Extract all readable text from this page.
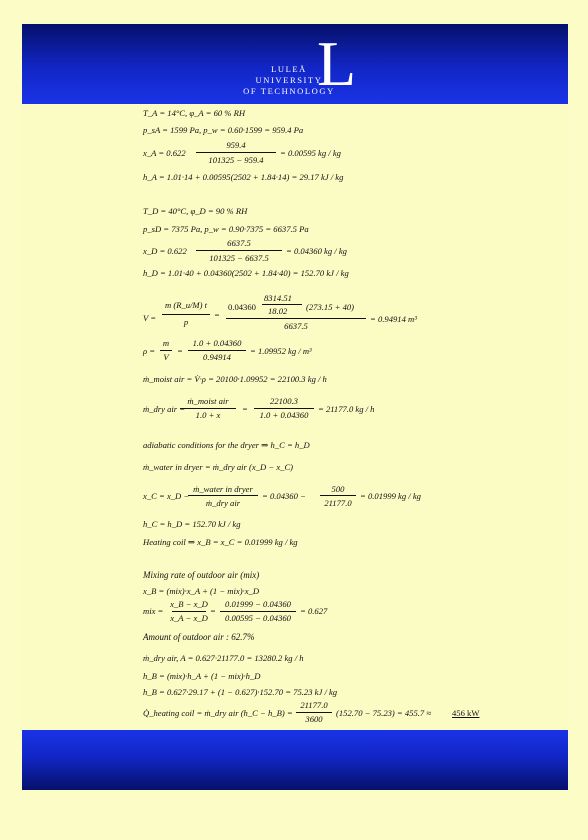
LULEÅ
UNIVERSITY
OF TECHNOLOGY
L
T_A = 14°C, φ_A = 60 % RH
p_sA = 1599 Pa, p_w = 0.60·1599 = 959.4 Pa
x_A = 0.622
959.4
101325 − 959.4
= 0.00595 kg / kg
h_A = 1.01·14 + 0.00595(2502 + 1.84·14) = 29.17 kJ / kg
T_D = 40°C, φ_D = 90 % RH
p_sD = 7375 Pa, p_w = 0.90·7375 = 6637.5 Pa
x_D = 0.622
6637.5
101325 − 6637.5
= 0.04360 kg / kg
h_D = 1.01·40 + 0.04360(2502 + 1.84·40) = 152.70 kJ / kg
V =
m (R_u/M) t
p
=
0.04360
8314.51
18.02 (273.15 + 40)
6637.5
= 0.94914 m³
ρ =
m
V
=
1.0 + 0.04360
0.94914
= 1.09952 kg / m³
ṁ_moist air = V̇·ρ = 20100·1.09952 = 22100.3 kg / h
ṁ_dry air =
ṁ_moist air
1.0 + x
=
22100.3
1.0 + 0.04360
= 21177.0 kg / h
adiabatic conditions for the dryer ⇒ h_C = h_D
ṁ_water in dryer = ṁ_dry air (x_D − x_C)
x_C = x_D −
ṁ_water in dryer
ṁ_dry air
= 0.04360 −
500
21177.0
= 0.01999 kg / kg
h_C = h_D = 152.70 kJ / kg
Heating coil ⇒ x_B = x_C = 0.01999 kg / kg
Mixing rate of outdoor air (mix)
x_B = (mix)·x_A + (1 − mix)·x_D
mix =
x_B − x_D
x_A − x_D
=
0.01999 − 0.04360
0.00595 − 0.04360
= 0.627
Amount of outdoor air : 62.7%
ṁ_dry air, A = 0.627·21177.0 = 13280.2 kg / h
h_B = (mix)·h_A + (1 − mix)·h_D
h_B = 0.627·29.17 + (1 − 0.627)·152.70 = 75.23 kJ / kg
Q̇_heating coil = ṁ_dry air (h_C − h_B) =
21177.0
3600
(152.70 − 75.23) = 455.7 ≈ 456 kW
